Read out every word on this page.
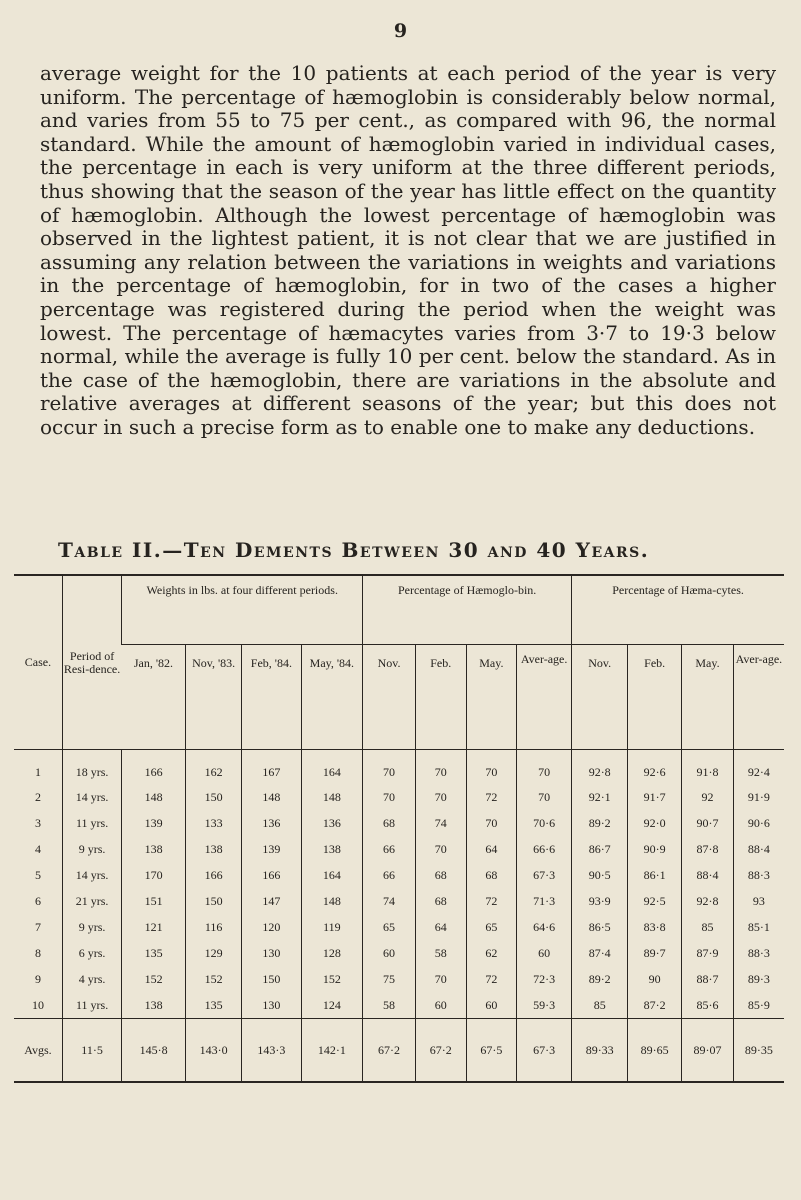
9

average weight for the 10 patients at each period of the year is very uniform. The percentage of hæmoglobin is considerably below normal, and varies from 55 to 75 per cent., as compared with 96, the normal standard. While the amount of hæmoglobin varied in individual cases, the percentage in each is very uniform at the three different periods, thus showing that the season of the year has little effect on the quantity of hæmoglobin. Although the lowest percentage of hæmoglobin was observed in the lightest patient, it is not clear that we are justified in assuming any relation between the variations in weights and variations in the percentage of hæmoglobin, for in two of the cases a higher percentage was registered during the period when the weight was lowest. The percentage of hæmacytes varies from 3·7 to 19·3 below normal, while the average is fully 10 per cent. below the standard. As in the case of the hæmoglobin, there are variations in the absolute and relative averages at different seasons of the year; but this does not occur in such a precise form as to enable one to make any deductions.

Table II.—Ten Dements Between 30 and 40 Years.
Case.	Period of Resi-dence.	Weights in lbs. at four different periods.				Percentage of Hæmoglo-bin.				Percentage of Hæma-cytes.			
		Jan, '82.	Nov, '83.	Feb, '84.	May, '84.	Nov.	Feb.	May.	Aver-age.	Nov.	Feb.	May.	Aver-age.
1	18 yrs.	166	162	167	164	70	70	70	70	92·8	92·6	91·8	92·4
2	14 yrs.	148	150	148	148	70	70	72	70	92·1	91·7	92	91·9
3	11 yrs.	139	133	136	136	68	74	70	70·6	89·2	92·0	90·7	90·6
4	9 yrs.	138	138	139	138	66	70	64	66·6	86·7	90·9	87·8	88·4
5	14 yrs.	170	166	166	164	66	68	68	67·3	90·5	86·1	88·4	88·3
6	21 yrs.	151	150	147	148	74	68	72	71·3	93·9	92·5	92·8	93
7	9 yrs.	121	116	120	119	65	64	65	64·6	86·5	83·8	85	85·1
8	6 yrs.	135	129	130	128	60	58	62	60	87·4	89·7	87·9	88·3
9	4 yrs.	152	152	150	152	75	70	72	72·3	89·2	90	88·7	89·3
10	11 yrs.	138	135	130	124	58	60	60	59·3	85	87·2	85·6	85·9
Avgs.	11·5	145·8	143·0	143·3	142·1	67·2	67·2	67·5	67·3	89·33	89·65	89·07	89·35
